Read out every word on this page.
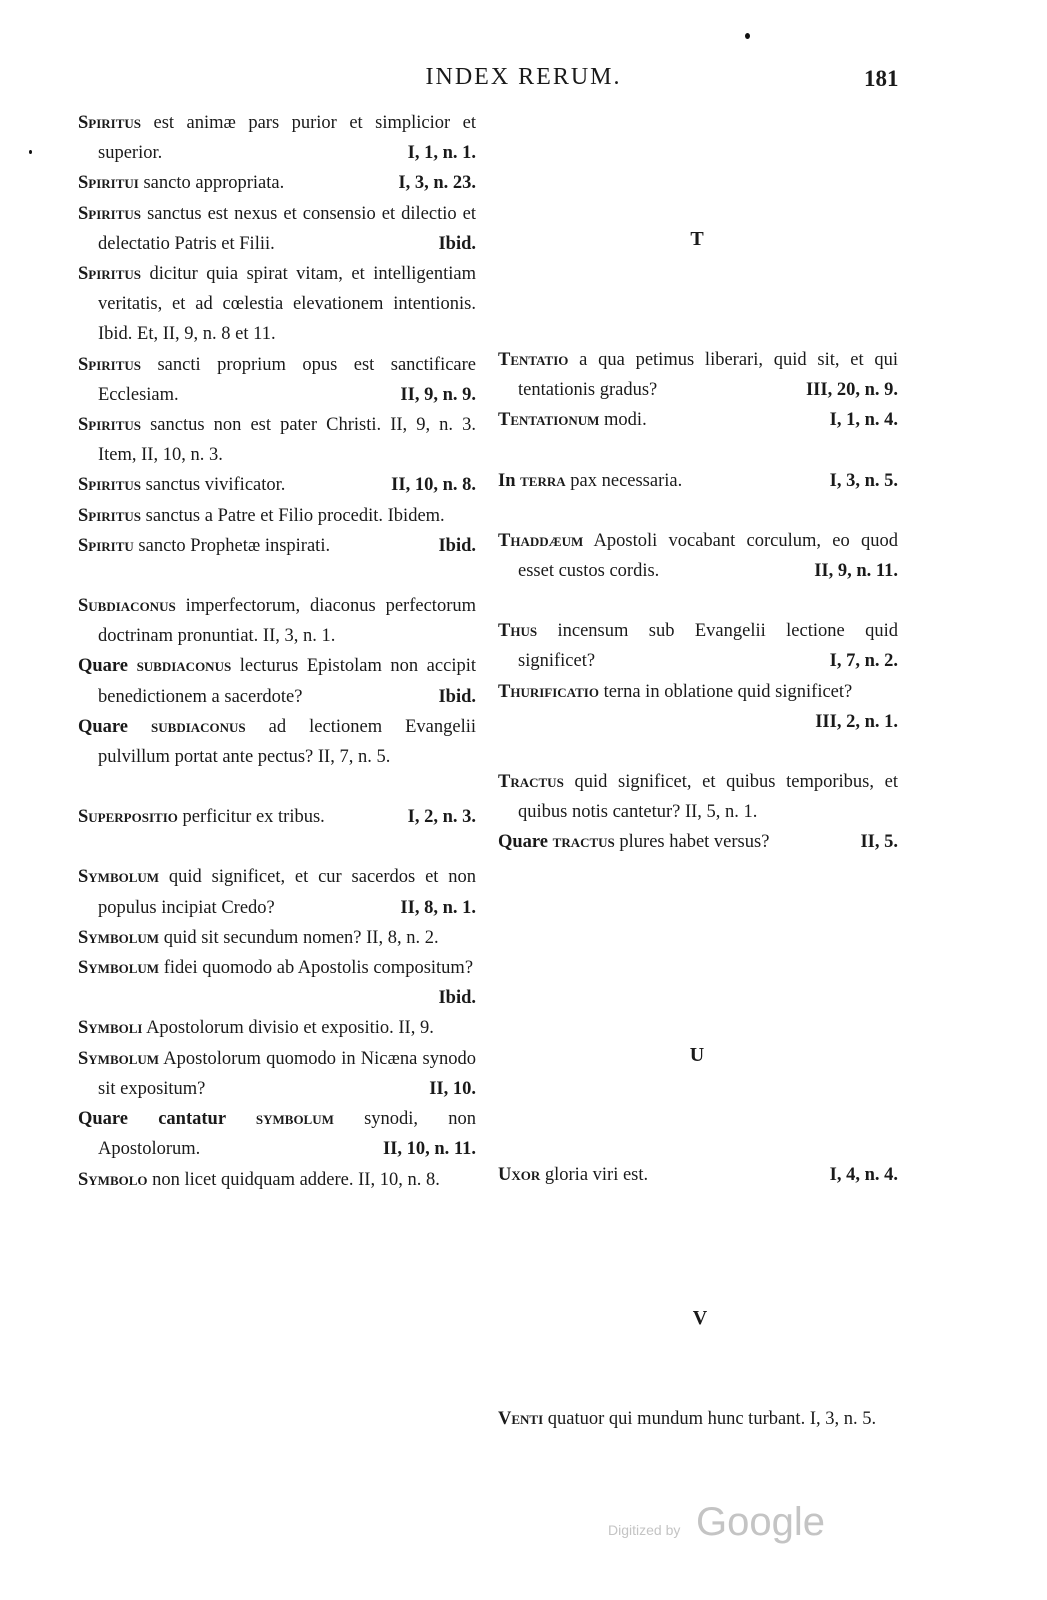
INDEX RERUM.	181
Spiritus est animæ pars purior et simplicior et superior.	I, 1, n. 1.
Spiritui sancto appropriata.	I, 3, n. 23.
Spiritus sanctus est nexus et consensio et dilectio et delectatio Patris et Filii.	Ibid.
Spiritus dicitur quia spirat vitam, et intelligentiam veritatis, et ad cœlestia elevationem intentionis. Ibid. Et, II, 9, n. 8 et 11.
Spiritus sancti proprium opus est sanctificare Ecclesiam.	II, 9, n. 9.
Spiritus sanctus non est pater Christi. II, 9, n. 3. Item, II, 10, n. 3.
Spiritus sanctus vivificator.	II, 10, n. 8.
Spiritus sanctus a Patre et Filio procedit. Ibidem.
Spiritu sancto Prophetæ inspirati.	Ibid.
Subdiaconus imperfectorum, diaconus perfectorum doctrinam pronuntiat. II, 3, n. 1.
Quare subdiaconus lecturus Epistolam non accipit benedictionem a sacerdote?	Ibid.
Quare subdiaconus ad lectionem Evangelii pulvillum portat ante pectus? II, 7, n. 5.
Superpositio perficitur ex tribus.	I, 2, n. 3.
Symbolum quid significet, et cur sacerdos et non populus incipiat Credo?	II, 8, n. 1.
Symbolum quid sit secundum nomen? II, 8, n. 2.
Symbolum fidei quomodo ab Apostolis compositum?
Ibid.
Symboli Apostolorum divisio et expositio. II, 9.
Symbolum Apostolorum quomodo in Nicæna synodo sit expositum?	II, 10.
Quare cantatur symbolum synodi, non Apostolorum.	II, 10, n. 11.
Symbolo non licet quidquam addere. II, 10, n. 8.
T
Tentatio a qua petimus liberari, quid sit, et qui tentationis gradus?	III, 20, n. 9.
Tentationum modi.	I, 1, n. 4.
In terra pax necessaria.	I, 3, n. 5.
Thaddæum Apostoli vocabant corculum, eo quod esset custos cordis.	II, 9, n. 11.
Thus incensum sub Evangelii lectione quid significet?	I, 7, n. 2.
Thurificatio terna in oblatione quid significet?
III, 2, n. 1.
Tractus quid significet, et quibus temporibus, et quibus notis cantetur? II, 5, n. 1.
Quare tractus plures habet versus?	II, 5.
U
Uxor gloria viri est.	I, 4, n. 4.
V
Venti quatuor qui mundum hunc turbant. I, 3, n. 5.
Digitized by Google
